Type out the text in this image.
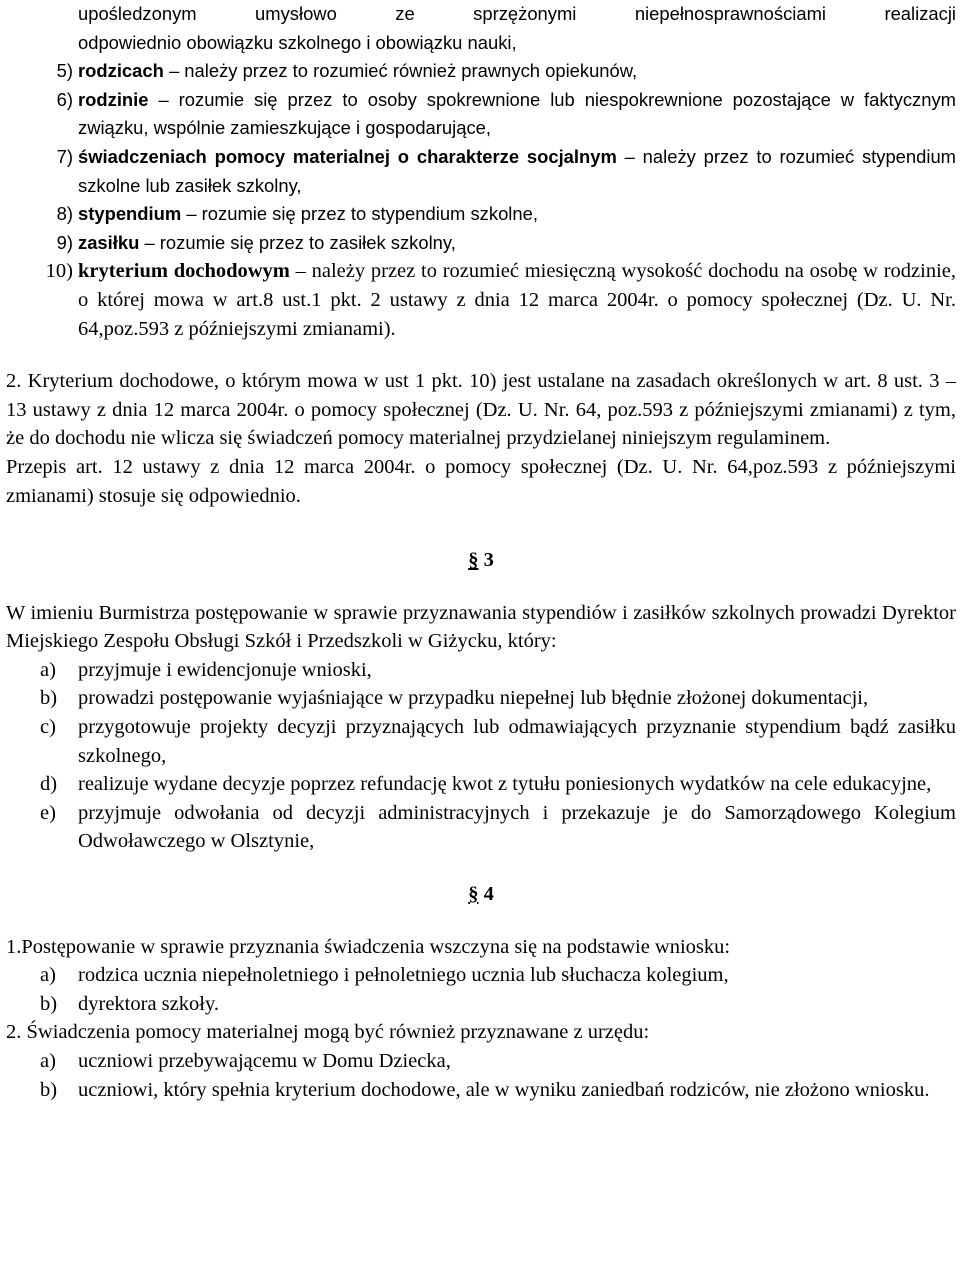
upośledzonym umysłowo ze sprzężonymi niepełnosprawnościami realizacji
odpowiednio obowiązku szkolnego i obowiązku nauki,
5) rodzicach – należy przez to rozumieć również prawnych opiekunów,
6) rodzinie – rozumie się przez to osoby spokrewnione lub niespokrewnione pozostające w faktycznym związku, wspólnie zamieszkujące i gospodarujące,
7) świadczeniach pomocy materialnej o charakterze socjalnym – należy przez to rozumieć stypendium szkolne lub zasiłek szkolny,
8) stypendium – rozumie się przez to stypendium szkolne,
9) zasiłku – rozumie się przez to zasiłek szkolny,
10) kryterium dochodowym – należy przez to rozumieć miesięczną wysokość dochodu na osobę w rodzinie, o której mowa w art.8 ust.1 pkt. 2 ustawy z dnia 12 marca 2004r. o pomocy społecznej (Dz. U. Nr. 64,poz.593 z późniejszymi zmianami).

2. Kryterium dochodowe, o którym mowa w ust 1 pkt. 10) jest ustalane na zasadach określonych w art. 8 ust. 3 – 13 ustawy z dnia 12 marca 2004r. o pomocy społecznej (Dz. U. Nr. 64, poz.593 z późniejszymi zmianami) z tym, że do dochodu nie wlicza się świadczeń pomocy materialnej przydzielanej niniejszym regulaminem.

Przepis art. 12 ustawy z dnia 12 marca 2004r. o pomocy społecznej (Dz. U. Nr. 64,poz.593 z późniejszymi zmianami) stosuje się odpowiednio.

§ 3

W imieniu Burmistrza postępowanie w sprawie przyznawania stypendiów i zasiłków szkolnych prowadzi Dyrektor Miejskiego Zespołu Obsługi Szkół i Przedszkoli w Giżycku, który:

a)	przyjmuje i ewidencjonuje wnioski,
b)	prowadzi postępowanie wyjaśniające w przypadku niepełnej lub błędnie złożonej dokumentacji,
c)	przygotowuje projekty decyzji przyznających lub odmawiających przyznanie stypendium bądź zasiłku szkolnego,
d)	realizuje wydane decyzje poprzez refundację kwot z tytułu poniesionych wydatków na cele edukacyjne,
e)	przyjmuje odwołania od decyzji administracyjnych i przekazuje je do Samorządowego Kolegium Odwoławczego w Olsztynie,

§ 4

1.Postępowanie w sprawie przyznania świadczenia wszczyna się na podstawie wniosku:

a)	rodzica ucznia niepełnoletniego i pełnoletniego ucznia lub słuchacza kolegium,
b)	dyrektora szkoły.

2. Świadczenia pomocy materialnej mogą być również przyznawane z urzędu:

a)	uczniowi przebywającemu w Domu Dziecka,
b)	uczniowi, który spełnia kryterium dochodowe, ale w wyniku zaniedbań rodziców, nie złożono wniosku.
